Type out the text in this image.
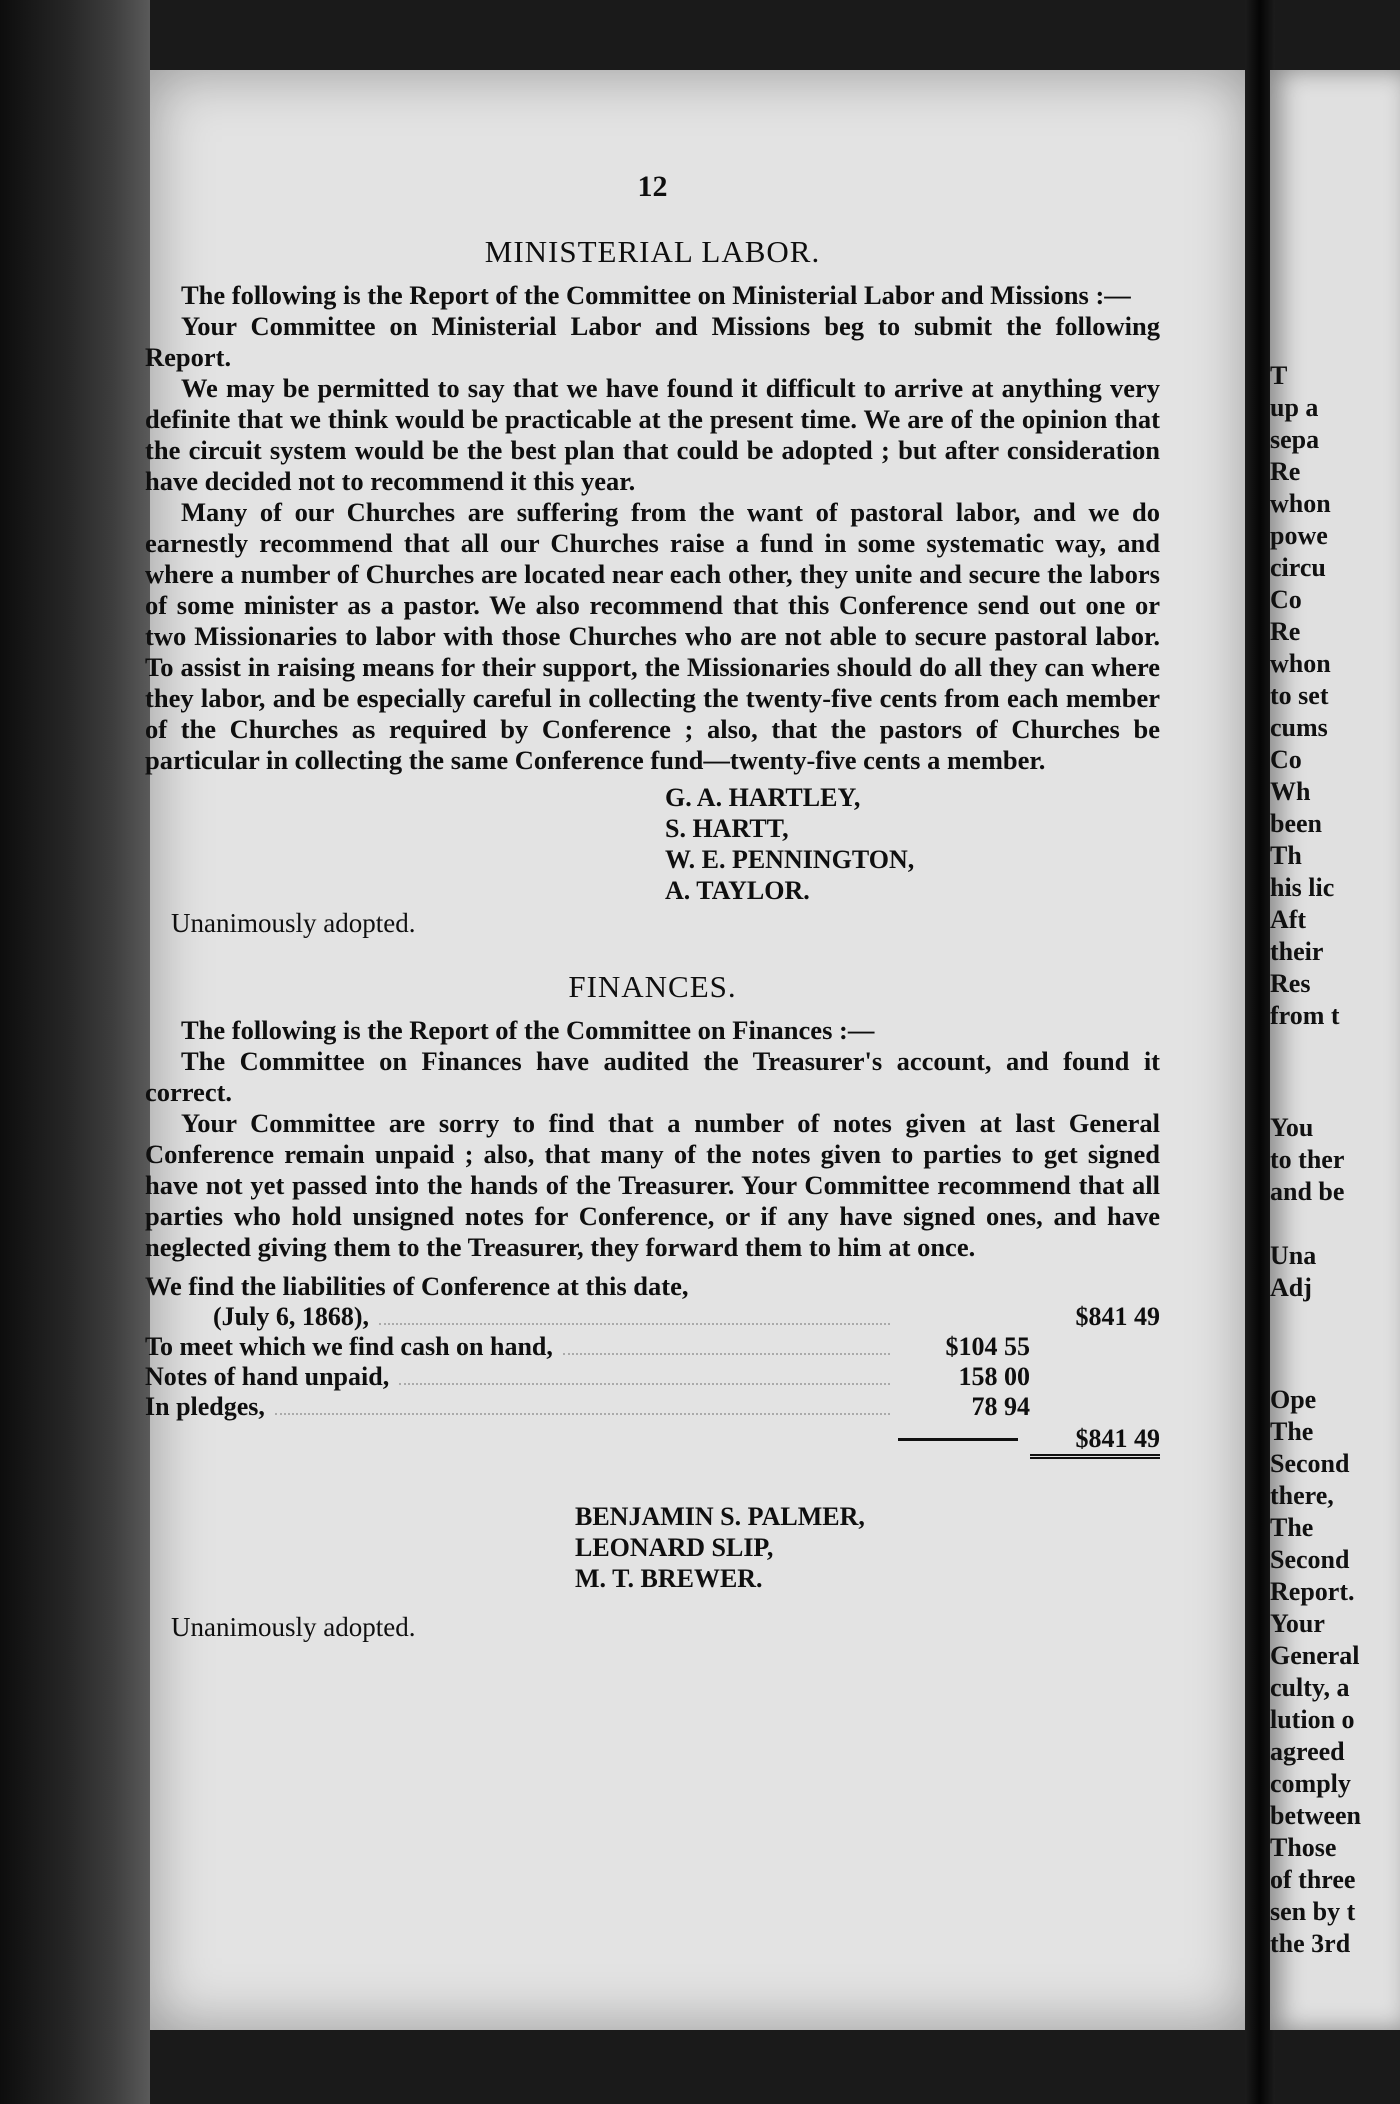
12
MINISTERIAL LABOR.

The following is the Report of the Committee on Ministerial Labor and Missions :—

Your Committee on Ministerial Labor and Missions beg to submit the following Report.

We may be permitted to say that we have found it difficult to arrive at anything very definite that we think would be practicable at the present time. We are of the opinion that the circuit system would be the best plan that could be adopted ; but after consideration have decided not to recommend it this year.

Many of our Churches are suffering from the want of pastoral labor, and we do earnestly recommend that all our Churches raise a fund in some systematic way, and where a number of Churches are located near each other, they unite and secure the labors of some minister as a pastor. We also recommend that this Conference send out one or two Missionaries to labor with those Churches who are not able to secure pastoral labor. To assist in raising means for their support, the Missionaries should do all they can where they labor, and be especially careful in collecting the twenty-five cents from each member of the Churches as required by Conference ; also, that the pastors of Churches be particular in collecting the same Conference fund—twenty-five cents a member.

G. A. HARTLEY,
S. HARTT,
W. E. PENNINGTON,
A. TAYLOR.
Unanimously adopted.
FINANCES.

The following is the Report of the Committee on Finances :—

The Committee on Finances have audited the Treasurer's account, and found it correct.

Your Committee are sorry to find that a number of notes given at last General Conference remain unpaid ; also, that many of the notes given to parties to get signed have not yet passed into the hands of the Treasurer. Your Committee recommend that all parties who hold unsigned notes for Conference, or if any have signed ones, and have neglected giving them to the Treasurer, they forward them to him at once.

We find the liabilities of Conference at this date,

(July 6, 1868),	$841 49
To meet which we find cash on hand,	$104 55
Notes of hand unpaid,	158 00
In pledges,	78 94
$841 49
BENJAMIN S. PALMER,
LEONARD SLIP,
M. T. BREWER.
Unanimously adopted.
T
up a
sepa
Re
whon
powe
circu
Co
Re
whon
to set
cums
Co
Wh
been
Th
his lic
Aft
their
Res
from t
You
to ther
and be
Una
Adj
Ope
The
Second
there,
The
Second
Report.
Your
General
culty, a
lution o
agreed
comply
between
Those
of three
sen by t
the 3rd
